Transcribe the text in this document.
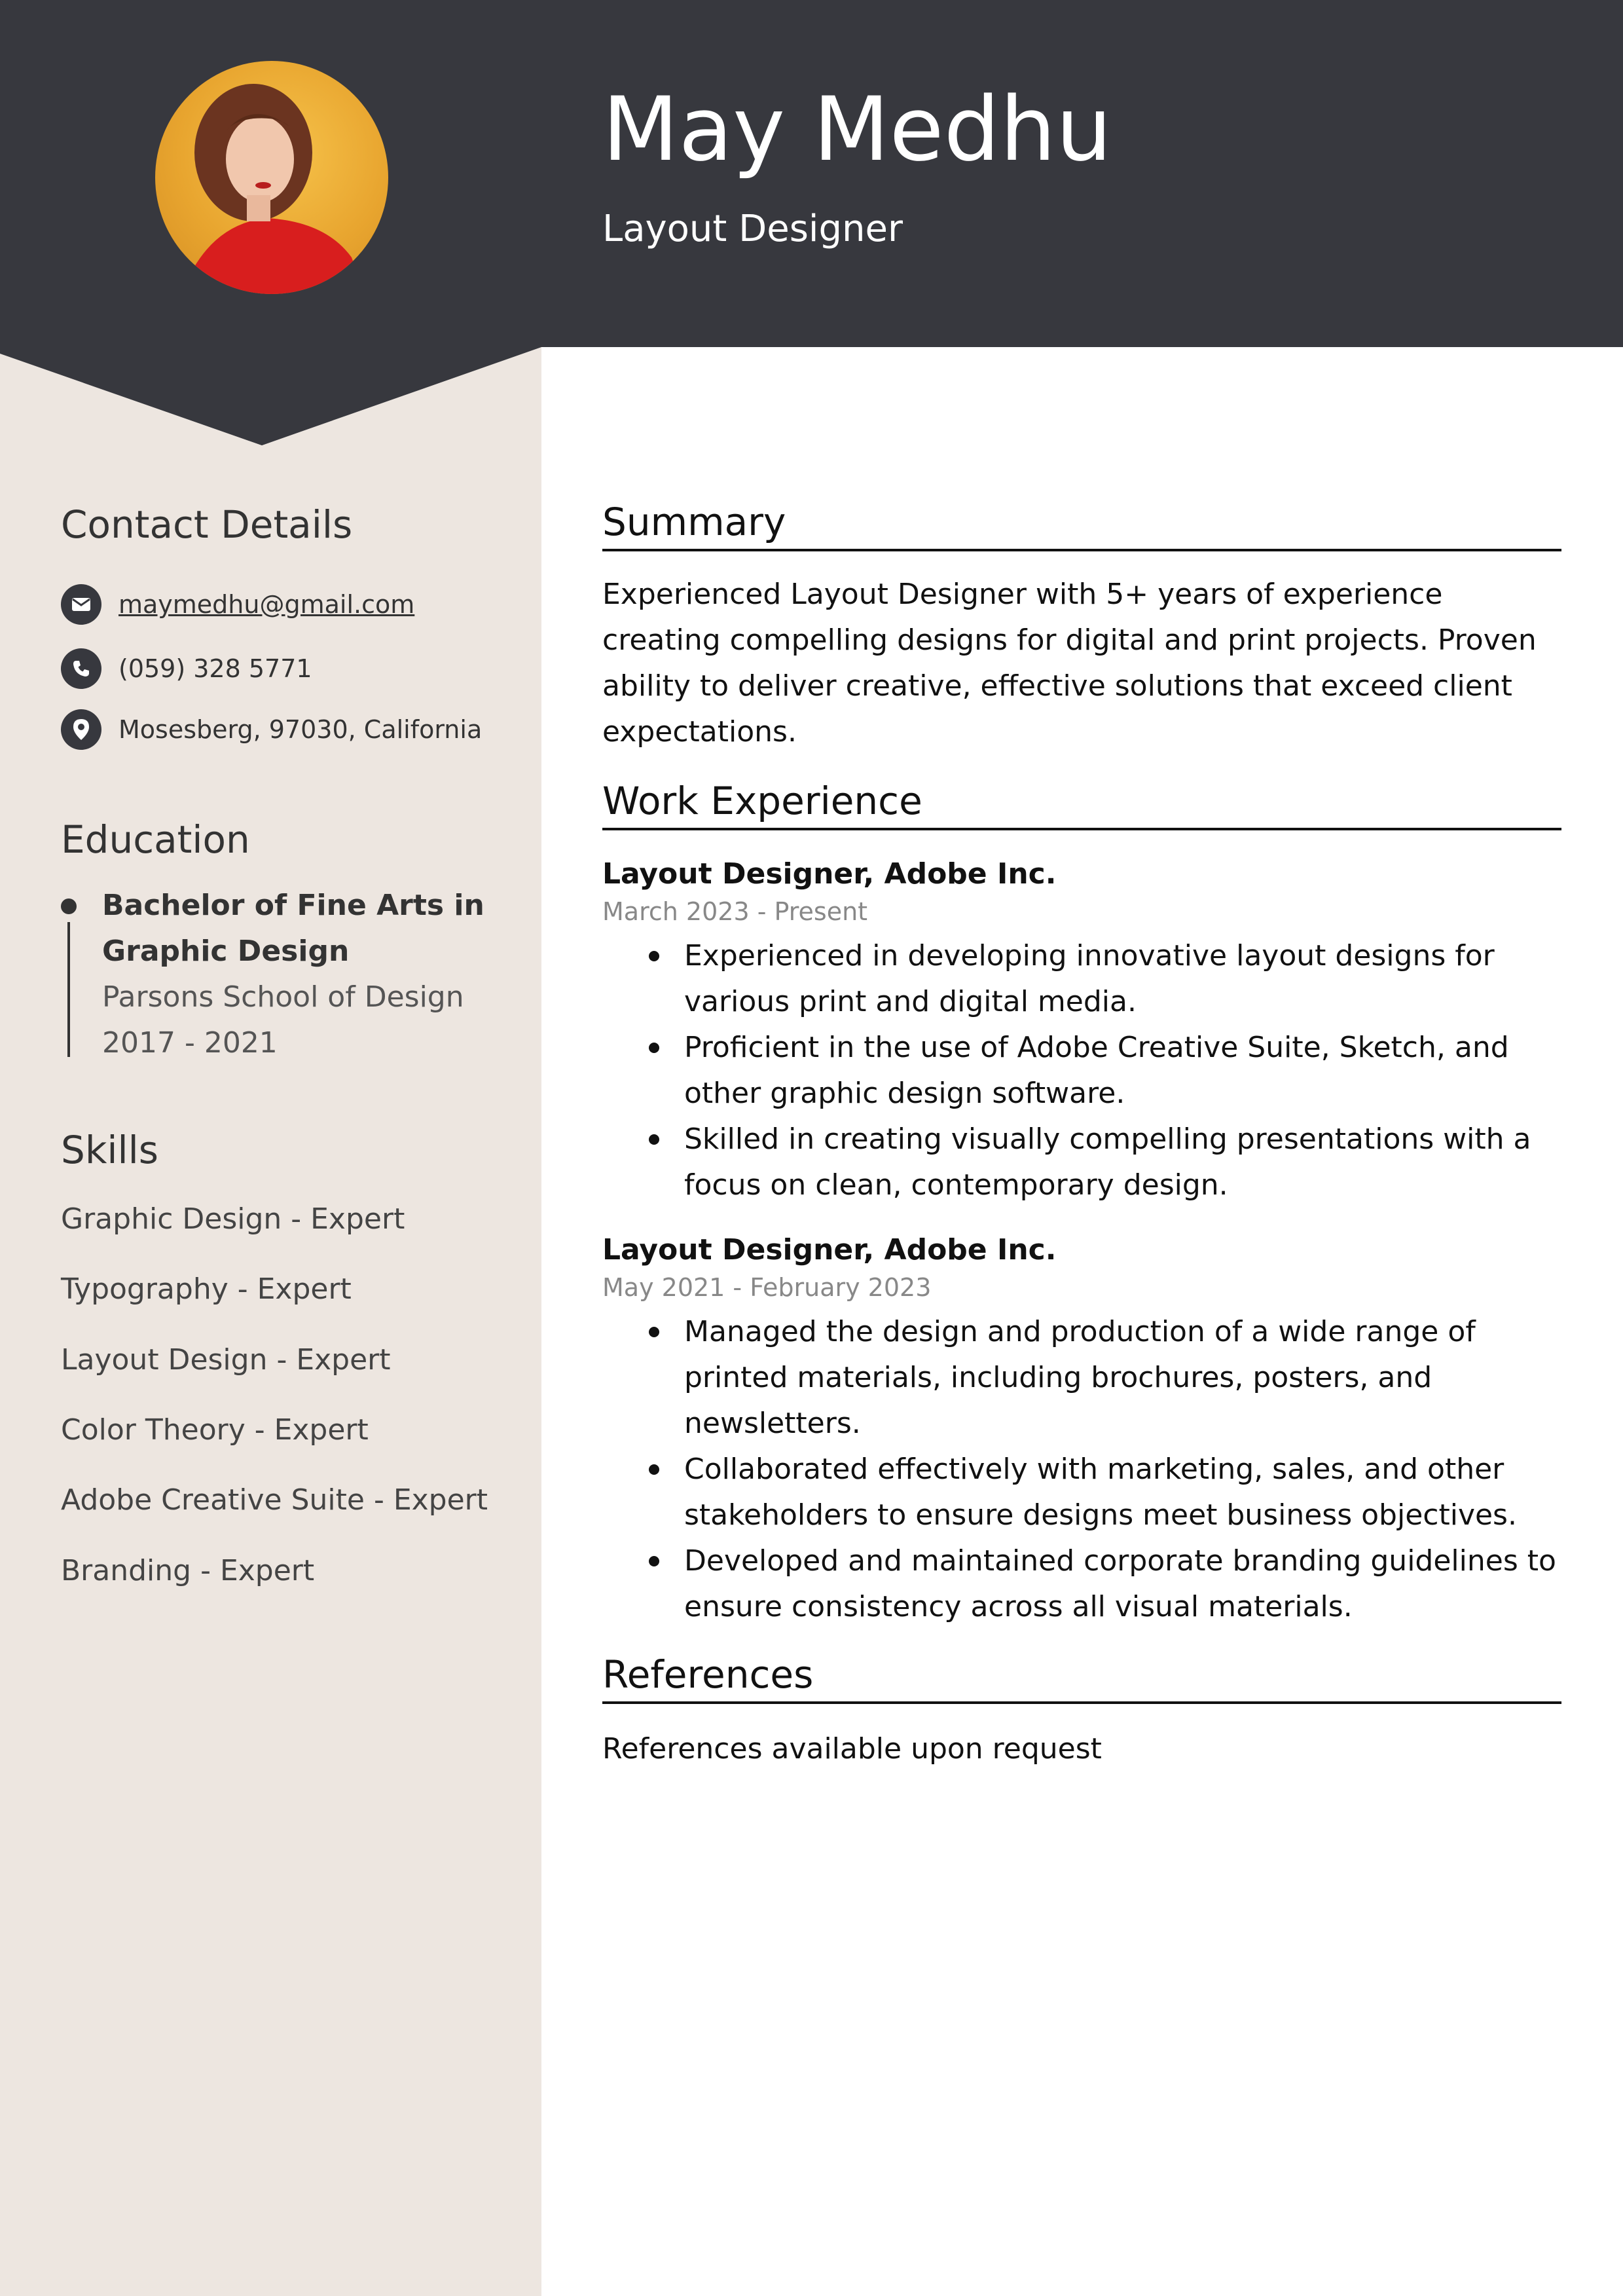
May Medhu
Layout Designer
Contact Details
maymedhu@gmail.com
(059) 328 5771
Mosesberg, 97030, California
Education
Bachelor of Fine Arts in
Graphic Design
Parsons School of Design
2017 - 2021
Skills
Graphic Design - Expert
Typography - Expert
Layout Design - Expert
Color Theory - Expert
Adobe Creative Suite - Expert
Branding - Expert
Summary
Experienced Layout Designer with 5+ years of experience creating compelling designs for digital and print projects. Proven ability to deliver creative, effective solutions that exceed client expectations.
Work Experience
Layout Designer, Adobe Inc.
March 2023 - Present
Experienced in developing innovative layout designs for various print and digital media.
Proficient in the use of Adobe Creative Suite, Sketch, and other graphic design software.
Skilled in creating visually compelling presentations with a focus on clean, contemporary design.
Layout Designer, Adobe Inc.
May 2021 - February 2023
Managed the design and production of a wide range of printed materials, including brochures, posters, and newsletters.
Collaborated effectively with marketing, sales, and other stakeholders to ensure designs meet business objectives.
Developed and maintained corporate branding guidelines to ensure consistency across all visual materials.
References
References available upon request
